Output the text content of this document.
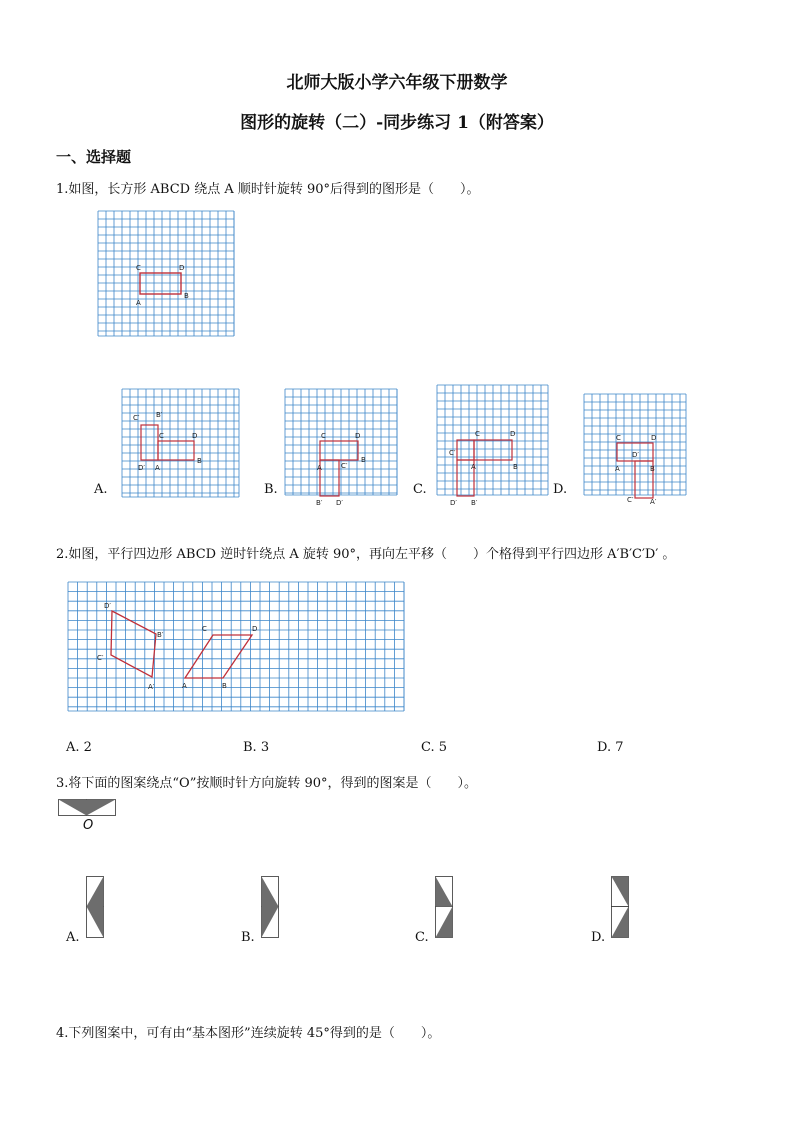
北师大版小学六年级下册数学
图形的旋转（二）-同步练习 1（附答案）
一、选择题
1.如图，长方形 ABCD 绕点 A 顺时针旋转 90°后得到的图形是（　　）。
C	D
A
B
A.
C′ B′
C	D
D′ A
B
B.
C	D
A	C′
B
B′ D′
C.
C	D
C′
A	B
D′ B′
D.
C	D
D′
A	B
C′ A′
2.如图，平行四边形 ABCD 逆时针绕点 A 旋转 90°，再向左平移（　　）个格得到平行四边形 A′B′C′D′ 。
D′
B′
C′
A′
C	D
A	B
A. 2	B. 3	C. 5	D. 7
3.将下面的图案绕点“O”按顺时针方向旋转 90°，得到的图案是（　　）。
O
A.	B.	C.	D.
4.下列图案中，可有由“基本图形”连续旋转 45°得到的是（　　）。
